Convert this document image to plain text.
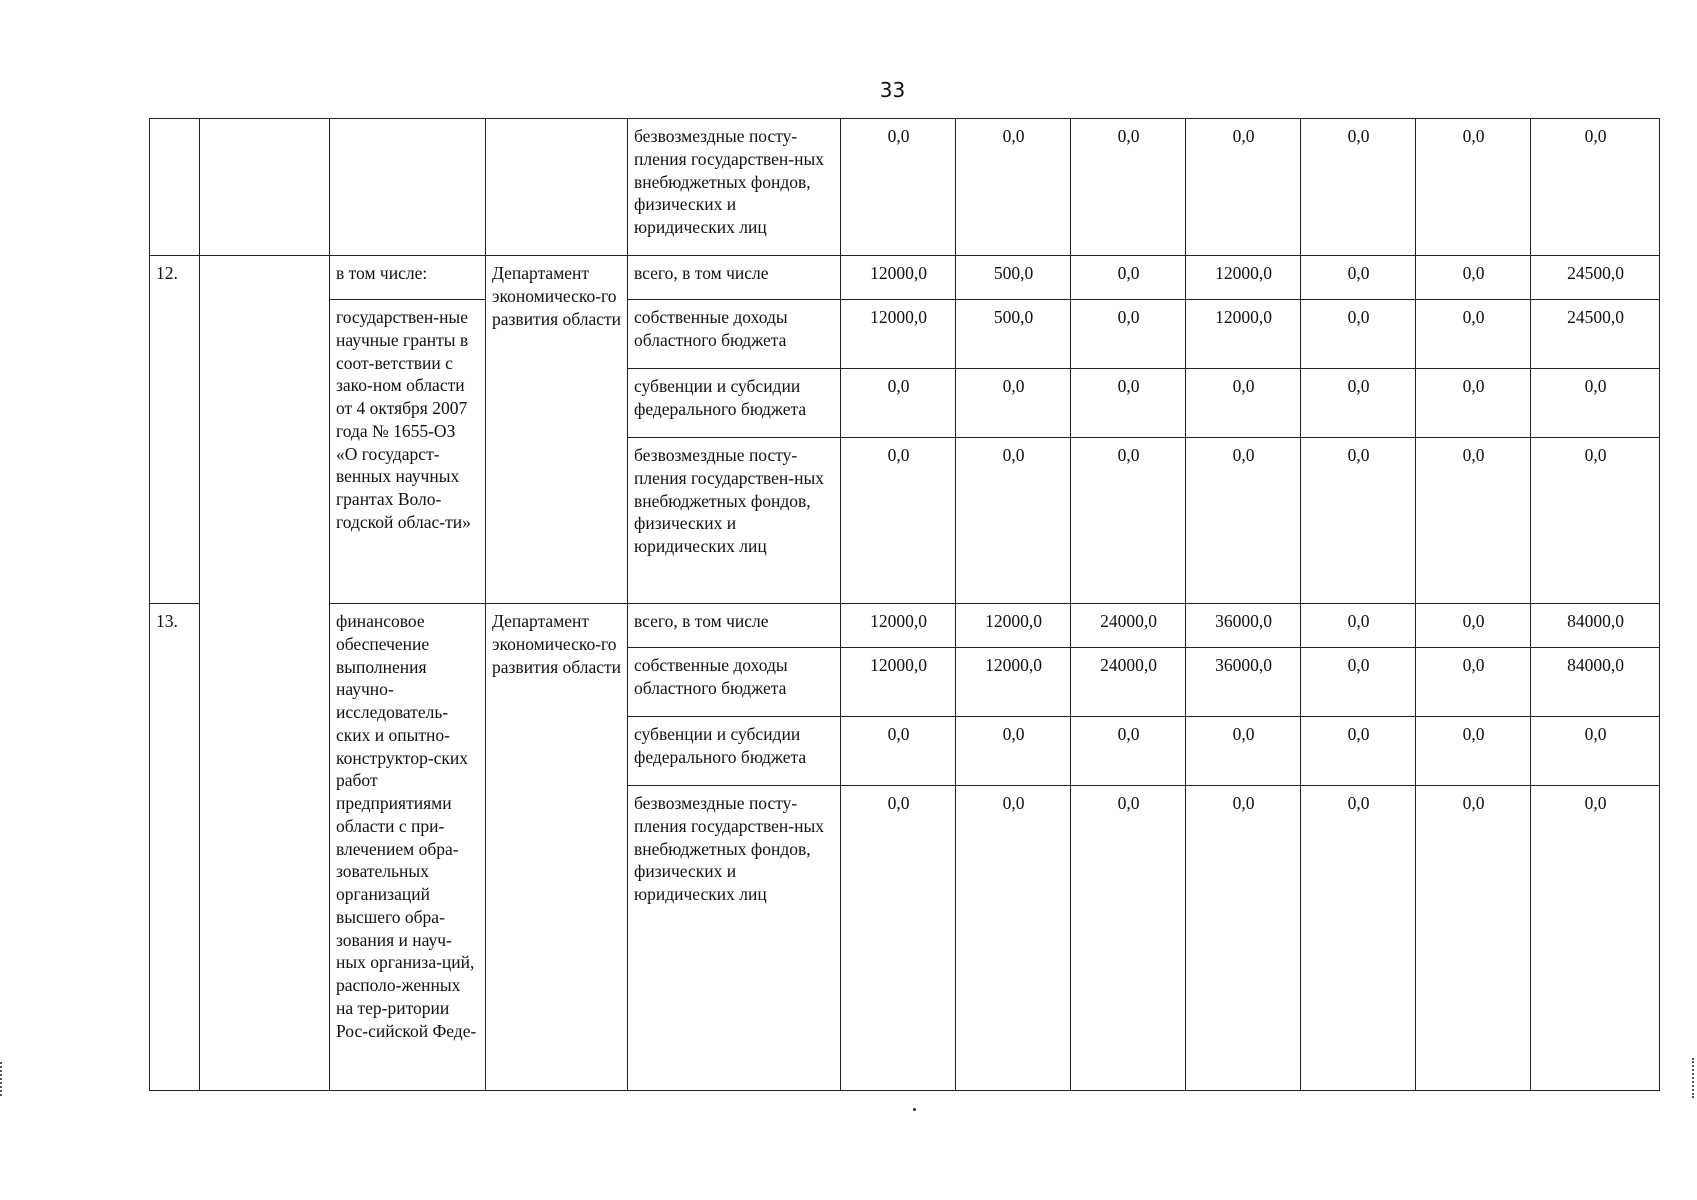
33
				безвозмездные посту-пления государствен-ных внебюджетных фондов, физических и юридических лиц	0,0	0,0	0,0	0,0	0,0	0,0	0,0
12.		в том числе:	Департамент экономическо-го развития области	всего, в том числе	12000,0	500,0	0,0	12000,0	0,0	0,0	24500,0
		государствен-ные научные гранты в соот-ветствии с зако-ном области от 4 октября 2007 года № 1655-ОЗ «О государст-венных научных грантах Воло-годской облас-ти»		собственные доходы областного бюджета	12000,0	500,0	0,0	12000,0	0,0	0,0	24500,0
				субвенции и субсидии федерального бюджета	0,0	0,0	0,0	0,0	0,0	0,0	0,0
				безвозмездные посту-пления государствен-ных внебюджетных фондов, физических и юридических лиц	0,0	0,0	0,0	0,0	0,0	0,0	0,0
13.		финансовое обеспечение выполнения научно-исследователь-ских и опытно-конструктор-ских работ предприятиями области с при-влечением обра-зовательных организаций высшего обра-зования и науч-ных организа-ций, располо-женных на тер-ритории Рос-сийской Феде-	Департамент экономическо-го развития области	всего, в том числе	12000,0	12000,0	24000,0	36000,0	0,0	0,0	84000,0
				собственные доходы областного бюджета	12000,0	12000,0	24000,0	36000,0	0,0	0,0	84000,0
				субвенции и субсидии федерального бюджета	0,0	0,0	0,0	0,0	0,0	0,0	0,0
				безвозмездные посту-пления государствен-ных внебюджетных фондов, физических и юридических лиц	0,0	0,0	0,0	0,0	0,0	0,0	0,0
